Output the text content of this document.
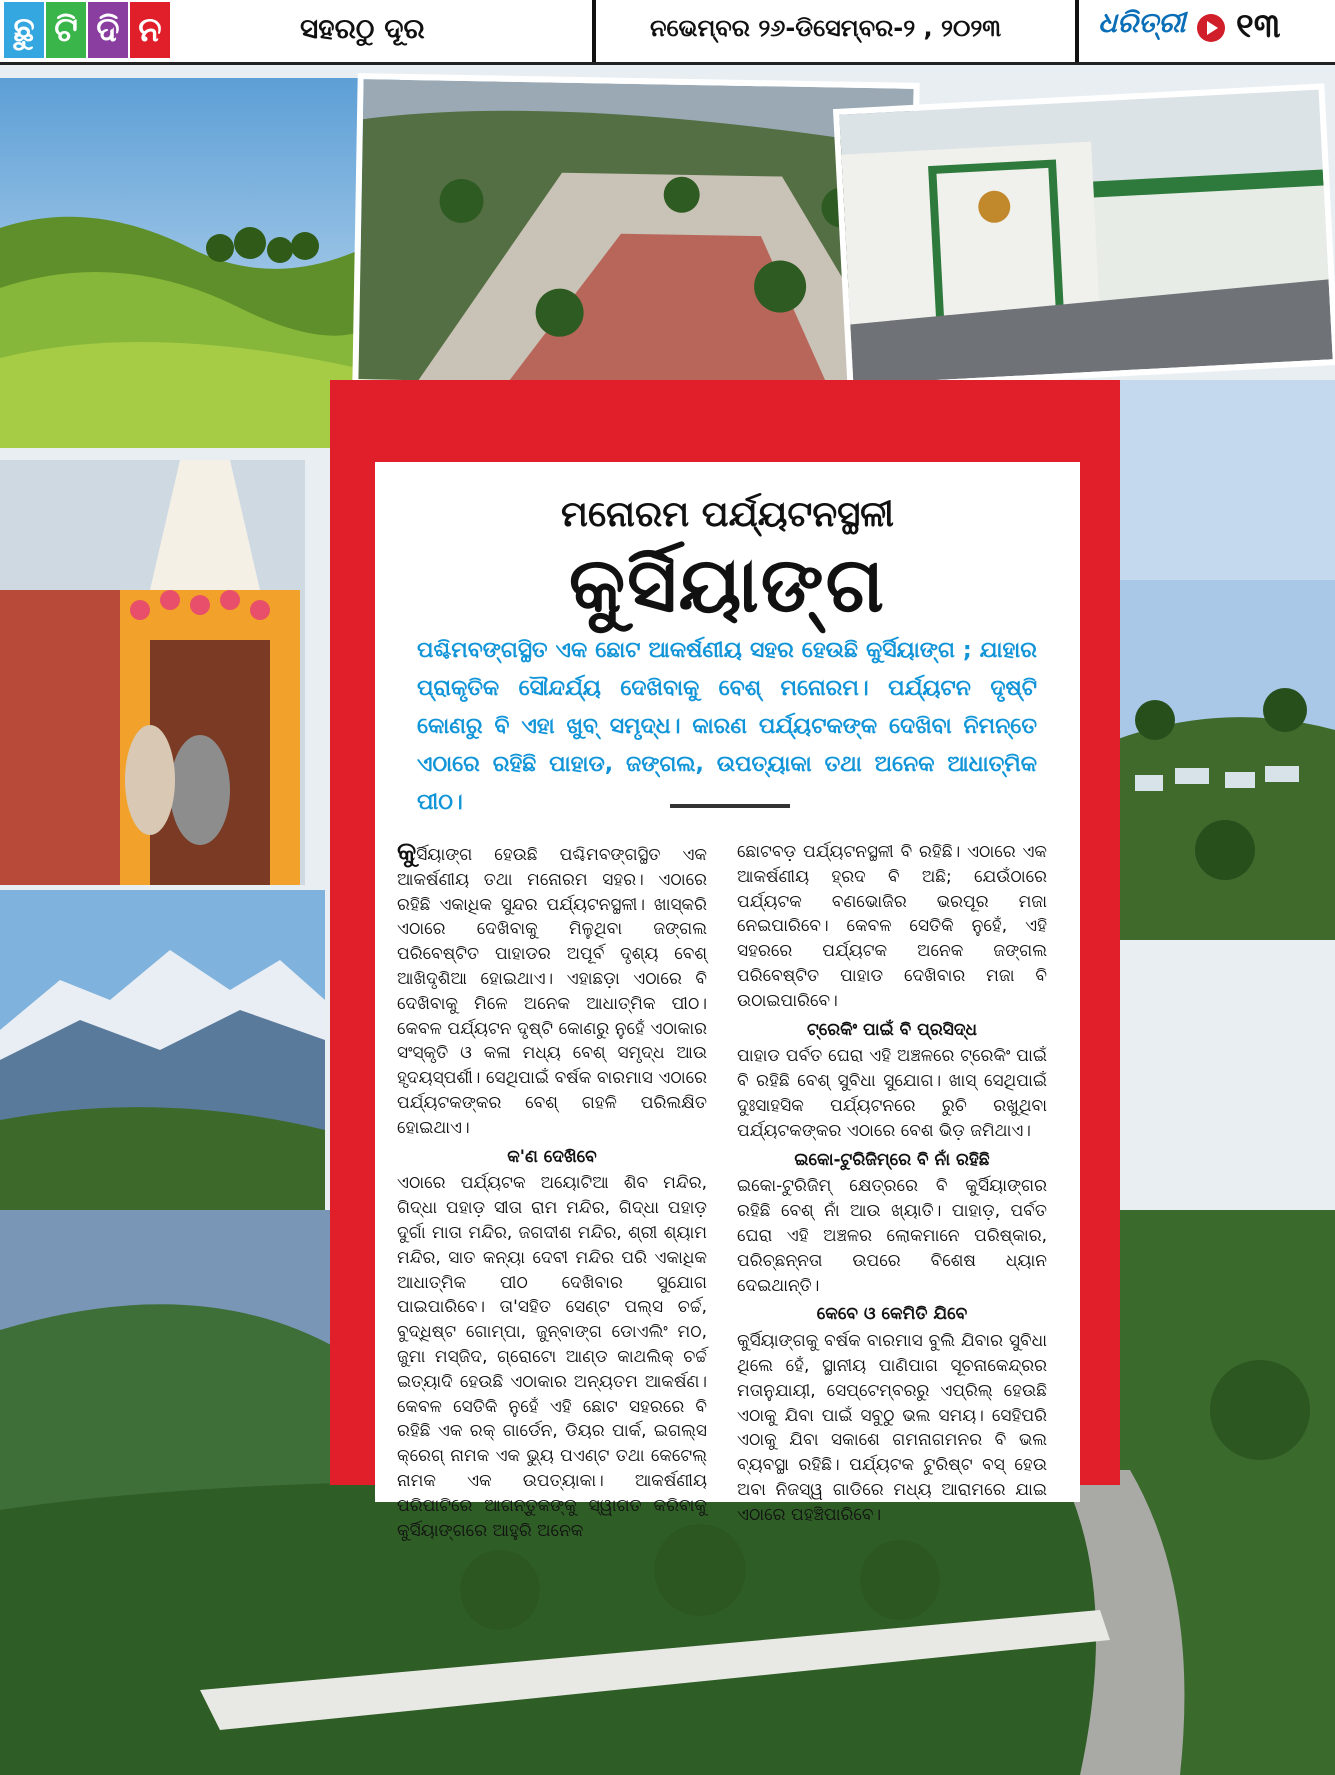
ଛୁ ଟି ଦି ନ	ସହରଠୁ ଦୂର	ନଭେମ୍ବର ୨୬-ଡିସେମ୍ବର-୨ , ୨୦୨୩	ଧରିତ୍ରୀ ୧୩
ମନୋରମ ପର୍ଯ୍ୟଟନସ୍ଥଳୀ
କୁର୍ସିୟାଙ୍ଗ
ପଶ୍ଚିମବଙ୍ଗସ୍ଥିତ ଏକ ଛୋଟ ଆକର୍ଷଣୀୟ ସହର ହେଉଛି କୁର୍ସିୟାଙ୍ଗ ; ଯାହାର ପ୍ରାକୃତିକ ସୌନ୍ଦର୍ଯ୍ୟ ଦେଖିବାକୁ ବେଶ୍ ମନୋରମ। ପର୍ଯ୍ୟଟନ ଦୃଷ୍ଟି କୋଣରୁ ବି ଏହା ଖୁବ୍ ସମୃଦ୍ଧ। କାରଣ ପର୍ଯ୍ୟଟକଙ୍କ ଦେଖିବା ନିମନ୍ତେ ଏଠାରେ ରହିଛି ପାହାଡ, ଜଙ୍ଗଲ, ଉପତ୍ୟାକା ତଥା ଅନେକ ଆଧାତ୍ମିକ ପୀଠ।

କୁର୍ସିୟାଙ୍ଗ ହେଉଛି ପଶ୍ଚିମବଙ୍ଗସ୍ଥିତ ଏକ ଆକର୍ଷଣୀୟ ତଥା ମନୋରମ ସହର। ଏଠାରେ ରହିଛି ଏକାଧିକ ସୁନ୍ଦର ପର୍ଯ୍ୟଟନସ୍ଥଳୀ। ଖାସ୍‌କରି ଏଠାରେ ଦେଖିବାକୁ ମିଳୁଥିବା ଜଙ୍ଗଲ ପରିବେଷ୍ଟିତ ପାହାଡର ଅପୂର୍ବ ଦୃଶ୍ୟ ବେଶ୍ ଆଖିଦୃଶିଆ ହୋଇଥାଏ। ଏହାଛଡ଼ା ଏଠାରେ ବି ଦେଖିବାକୁ ମିଳେ ଅନେକ ଆଧାତ୍ମିକ ପୀଠ। କେବଳ ପର୍ଯ୍ୟଟନ ଦୃଷ୍ଟି କୋଣରୁ ନୁହେଁ ଏଠାକାର ସଂସ୍କୃତି ଓ କଳା ମଧ୍ୟ ବେଶ୍ ସମୃଦ୍ଧ ଆଉ ହୃଦୟସ୍ପର୍ଶୀ। ସେଥିପାଇଁ ବର୍ଷକ ବାରମାସ ଏଠାରେ ପର୍ଯ୍ୟଟକଙ୍କର ବେଶ୍ ଗହଳି ପରିଲକ୍ଷିତ ହୋଇଥାଏ।

କ'ଣ ଦେଖିବେ

ଏଠାରେ ପର୍ଯ୍ୟଟକ ଅୟୋଟିଆ ଶିବ ମନ୍ଦିର, ଗିଦ୍ଧା ପହାଡ଼ ସୀତା ରାମ ମନ୍ଦିର, ଗିଦ୍ଧା ପହାଡ଼ ଦୁର୍ଗା ମାତା ମନ୍ଦିର, ଜଗଦୀଶ ମନ୍ଦିର, ଶ୍ରୀ ଶ୍ୟାମ ମନ୍ଦିର, ସାତ କନ୍ୟା ଦେବୀ ମନ୍ଦିର ପରି ଏକାଧିକ ଆଧାତ୍ମିକ ପୀଠ ଦେଖିବାର ସୁଯୋଗ ପାଇପାରିବେ। ତା'ସହିତ ସେଣ୍ଟ ପଲ୍ସ ଚର୍ଚ୍ଚ, ବୁଦ୍ଧିଷ୍ଟ ଗୋମ୍ପା, ଜୁନ୍‌ବାଙ୍ଗ ଡୋଏଲିଂ ମଠ, ଜୁମା ମସ୍‌ଜିଦ, ଗ୍ରୋଟୋ ଆଣ୍ଡ କାଥଲିକ୍ ଚର୍ଚ୍ଚ ଇତ୍ୟାଦି ହେଉଛି ଏଠାକାର ଅନ୍ୟତମ ଆକର୍ଷଣ। କେବଳ ସେତିକି ନୁହେଁ ଏହି ଛୋଟ ସହରରେ ବି ରହିଛି ଏକ ରକ୍ ଗାର୍ଡେନ, ଡିୟର ପାର୍କ, ଇଗଲ୍ସ କ୍ରେଗ୍ ନାମକ ଏକ ଭ୍ୟୁ ପଏଣ୍ଟ ତଥା କେଟେଲ୍ ନାମକ ଏକ ଉପତ୍ୟାକା। ଆକର୍ଷଣୀୟ ପରିପାଟିରେ ଆଗନ୍ତୁକଙ୍କୁ ସ୍ୱାଗତ କରିବାକୁ କୁର୍ସିୟାଙ୍ଗରେ ଆହୁରି ଅନେକ

ଛୋଟବଡ଼ ପର୍ଯ୍ୟଟନସ୍ଥଳୀ ବି ରହିଛି। ଏଠାରେ ଏକ ଆକର୍ଷଣୀୟ ହ୍ରଦ ବି ଅଛି; ଯେଉଁଠାରେ ପର୍ଯ୍ୟଟକ ବଣଭୋଜିର ଭରପୂର ମଜା ନେଇପାରିବେ। କେବଳ ସେତିକି ନୁହେଁ, ଏହି ସହରରେ ପର୍ଯ୍ୟଟକ ଅନେକ ଜଙ୍ଗଲ ପରିବେଷ୍ଟିତ ପାହାଡ ଦେଖିବାର ମଜା ବି ଉଠାଇପାରିବେ।

ଟ୍ରେକିଂ ପାଇଁ ବି ପ୍ରସିଦ୍ଧ

ପାହାଡ ପର୍ବତ ଘେରା ଏହି ଅଞ୍ଚଳରେ ଟ୍ରେକିଂ ପାଇଁ ବି ରହିଛି ବେଶ୍ ସୁବିଧା ସୁଯୋଗ। ଖାସ୍ ସେଥିପାଇଁ ଦୁଃସାହସିକ ପର୍ଯ୍ୟଟନରେ ରୁଚି ରଖୁଥିବା ପର୍ଯ୍ୟଟକଙ୍କର ଏଠାରେ ବେଶ ଭିଡ଼ ଜମିଥାଏ।

ଇକୋ-ଟୁରିଜିମ୍‌ରେ ବି ନାଁ ରହିଛି

ଇକୋ-ଟୁରିଜିମ୍ କ୍ଷେତ୍ରରେ ବି କୁର୍ସିୟାଙ୍ଗର ରହିଛି ବେଶ୍ ନାଁ ଆଉ ଖ୍ୟାତି। ପାହାଡ଼, ପର୍ବତ ଘେରା ଏହି ଅଞ୍ଚଳର ଲୋକମାନେ ପରିଷ୍କାର, ପରିଚ୍ଛନ୍ନତା ଉପରେ ବିଶେଷ ଧ୍ୟାନ ଦେଇଥାନ୍ତି।

କେବେ ଓ କେମିତି ଯିବେ

କୁର୍ସିୟାଙ୍ଗକୁ ବର୍ଷକ ବାରମାସ ବୁଲି ଯିବାର ସୁବିଧା ଥିଲେ ହେଁ, ସ୍ଥାନୀୟ ପାଣିପାଗ ସୂଚନାକେନ୍ଦ୍ରର ମତାନୁଯାୟୀ, ସେପ୍ଟେମ୍ବରରୁ ଏପ୍ରିଲ୍ ହେଉଛି ଏଠାକୁ ଯିବା ପାଇଁ ସବୁଠୁ ଭଲ ସମୟ। ସେହିପରି ଏଠାକୁ ଯିବା ସକାଶେ ଗମନାଗମନର ବି ଭଲ ବ୍ୟବସ୍ଥା ରହିଛି। ପର୍ଯ୍ୟଟକ ଟୁରିଷ୍ଟ ବସ୍ ହେଉ ଅବା ନିଜସ୍ୱ ଗାଡିରେ ମଧ୍ୟ ଆରାମରେ ଯାଇ ଏଠାରେ ପହଞ୍ଚିପାରିବେ।
